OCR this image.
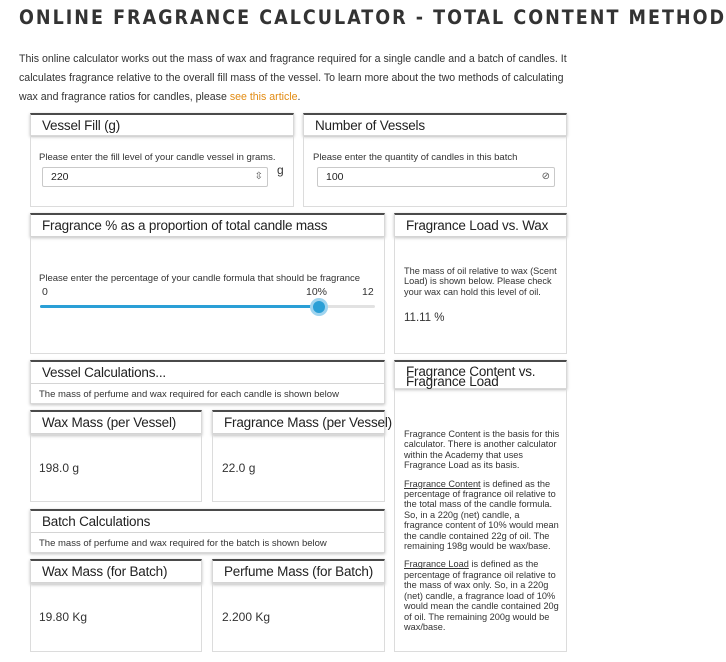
ONLINE FRAGRANCE CALCULATOR - TOTAL CONTENT METHOD

This online calculator works out the mass of wax and fragrance required for a single candle and a batch of candles. It calculates fragrance relative to the overall fill mass of the vessel. To learn more about the two methods of calculating wax and fragrance ratios for candles, please see this article.

Vessel Fill (g)
Please enter the fill level of your candle vessel in grams.
220	⇳ g
Number of Vessels
Please enter the quantity of candles in this batch
100	⊘
Fragrance % as a proportion of total candle mass
Please enter the percentage of your candle formula that should be fragrance
0	10%	12
Fragrance Load vs. Wax
The mass of oil relative to wax (Scent Load) is shown below. Please check your wax can hold this level of oil.
11.11 %
Vessel Calculations...
The mass of perfume and wax required for each candle is shown below
Wax Mass (per Vessel)
198.0 g
Fragrance Mass (per Vessel)
22.0 g
Batch Calculations
The mass of perfume and wax required for the batch is shown below
Wax Mass (for Batch)
19.80 Kg
Perfume Mass (for Batch)
2.200 Kg
Fragrance Content vs. Fragrance Load

Fragrance Content is the basis for this calculator. There is another calculator within the Academy that uses Fragrance Load as its basis.

Fragrance Content is defined as the percentage of fragrance oil relative to the total mass of the candle formula. So, in a 220g (net) candle, a fragrance content of 10% would mean the candle contained 22g of oil. The remaining 198g would be wax/base.

Fragrance Load is defined as the percentage of fragrance oil relative to the mass of wax only. So, in a 220g (net) candle, a fragrance load of 10% would mean the candle contained 20g of oil. The remaining 200g would be wax/base.
